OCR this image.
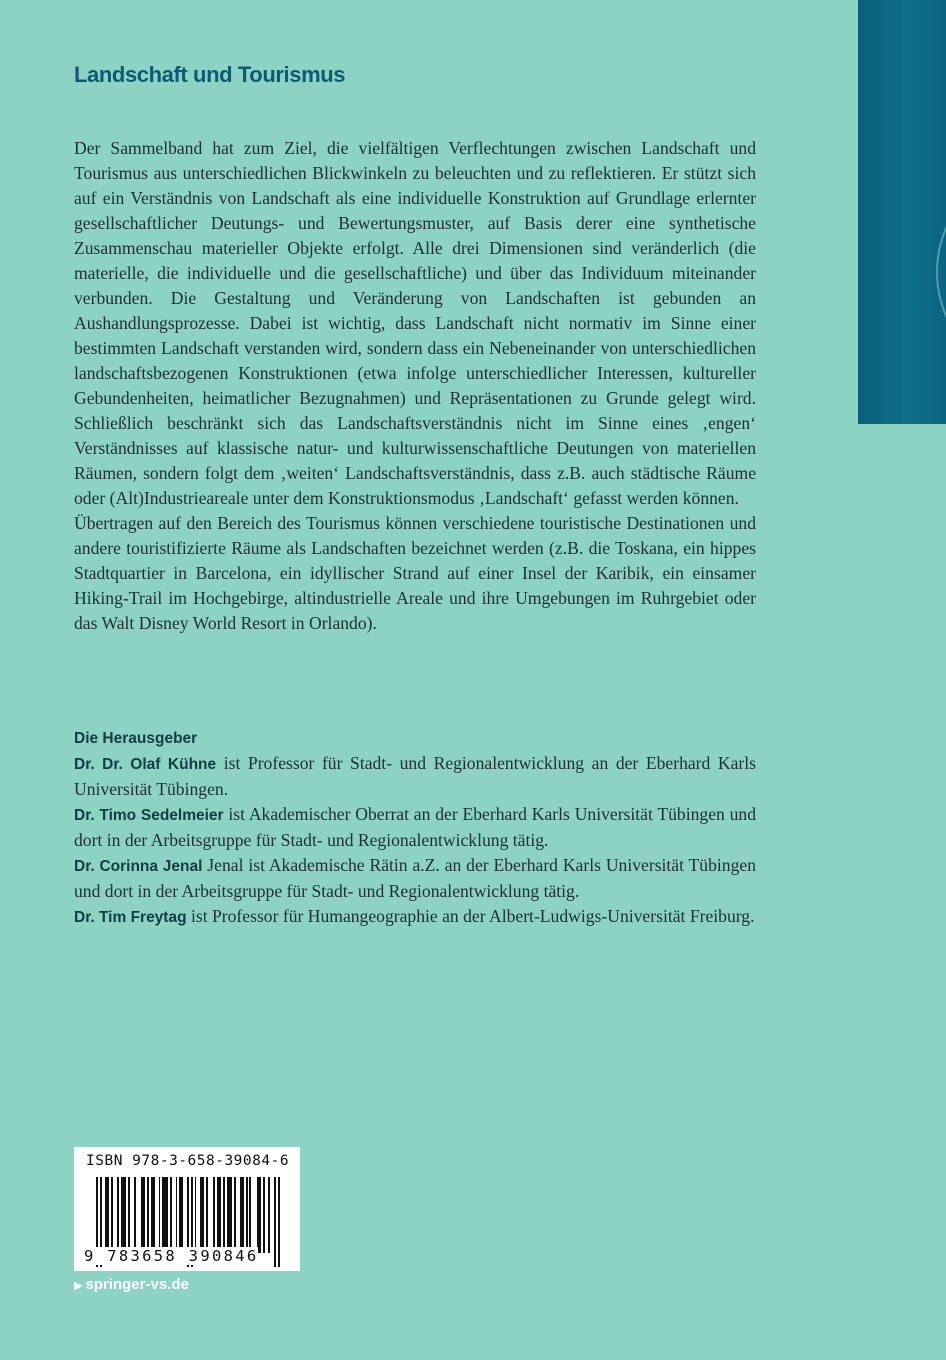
Landschaft und Tourismus

Der Sammelband hat zum Ziel, die vielfältigen Verflechtungen zwischen Landschaft und Tourismus aus unterschiedlichen Blickwinkeln zu beleuchten und zu reflektieren. Er stützt sich auf ein Verständnis von Landschaft als eine individuelle Konstruktion auf Grundlage erlernter gesellschaftlicher Deutungs- und Bewertungsmuster, auf Basis derer eine synthetische Zusammenschau materieller Objekte erfolgt. Alle drei Dimensionen sind veränderlich (die materielle, die individuelle und die gesellschaftliche) und über das Individuum miteinander verbunden. Die Gestaltung und Veränderung von Landschaften ist gebunden an Aushandlungsprozesse. Dabei ist wichtig, dass Landschaft nicht normativ im Sinne einer bestimmten Landschaft verstanden wird, sondern dass ein Nebeneinander von unterschiedlichen landschaftsbezogenen Konstruktionen (etwa infolge unterschiedlicher Interessen, kultureller Gebundenheiten, heimatlicher Bezugnahmen) und Repräsentationen zu Grunde gelegt wird. Schließlich beschränkt sich das Landschaftsverständnis nicht im Sinne eines ‚engen‘ Verständnisses auf klassische natur- und kulturwissenschaftliche Deutungen von materiellen Räumen, sondern folgt dem ‚weiten‘ Landschaftsverständnis, dass z.B. auch städtische Räume oder (Alt)Industrieareale unter dem Konstruktionsmodus ‚Landschaft‘ gefasst werden können.

Übertragen auf den Bereich des Tourismus können verschiedene touristische Destinationen und andere touristifizierte Räume als Landschaften bezeichnet werden (z.B. die Toskana, ein hippes Stadtquartier in Barcelona, ein idyllischer Strand auf einer Insel der Karibik, ein einsamer Hiking-Trail im Hochgebirge, altindustrielle Areale und ihre Umgebungen im Ruhrgebiet oder das Walt Disney World Resort in Orlando).

Die Herausgeber

Dr. Dr. Olaf Kühne ist Professor für Stadt- und Regionalentwicklung an der Eberhard Karls Universität Tübingen.

Dr. Timo Sedelmeier ist Akademischer Oberrat an der Eberhard Karls Universität Tübingen und dort in der Arbeitsgruppe für Stadt- und Regionalentwicklung tätig.

Dr. Corinna Jenal Jenal ist Akademische Rätin a.Z. an der Eberhard Karls Universität Tübingen und dort in der Arbeitsgruppe für Stadt- und Regionalentwicklung tätig.

Dr. Tim Freytag ist Professor für Humangeographie an der Albert-Ludwigs-Universität Freiburg.

ISBN 978-3-658-39084-6
9 783658 390846
▶ springer-vs.de
